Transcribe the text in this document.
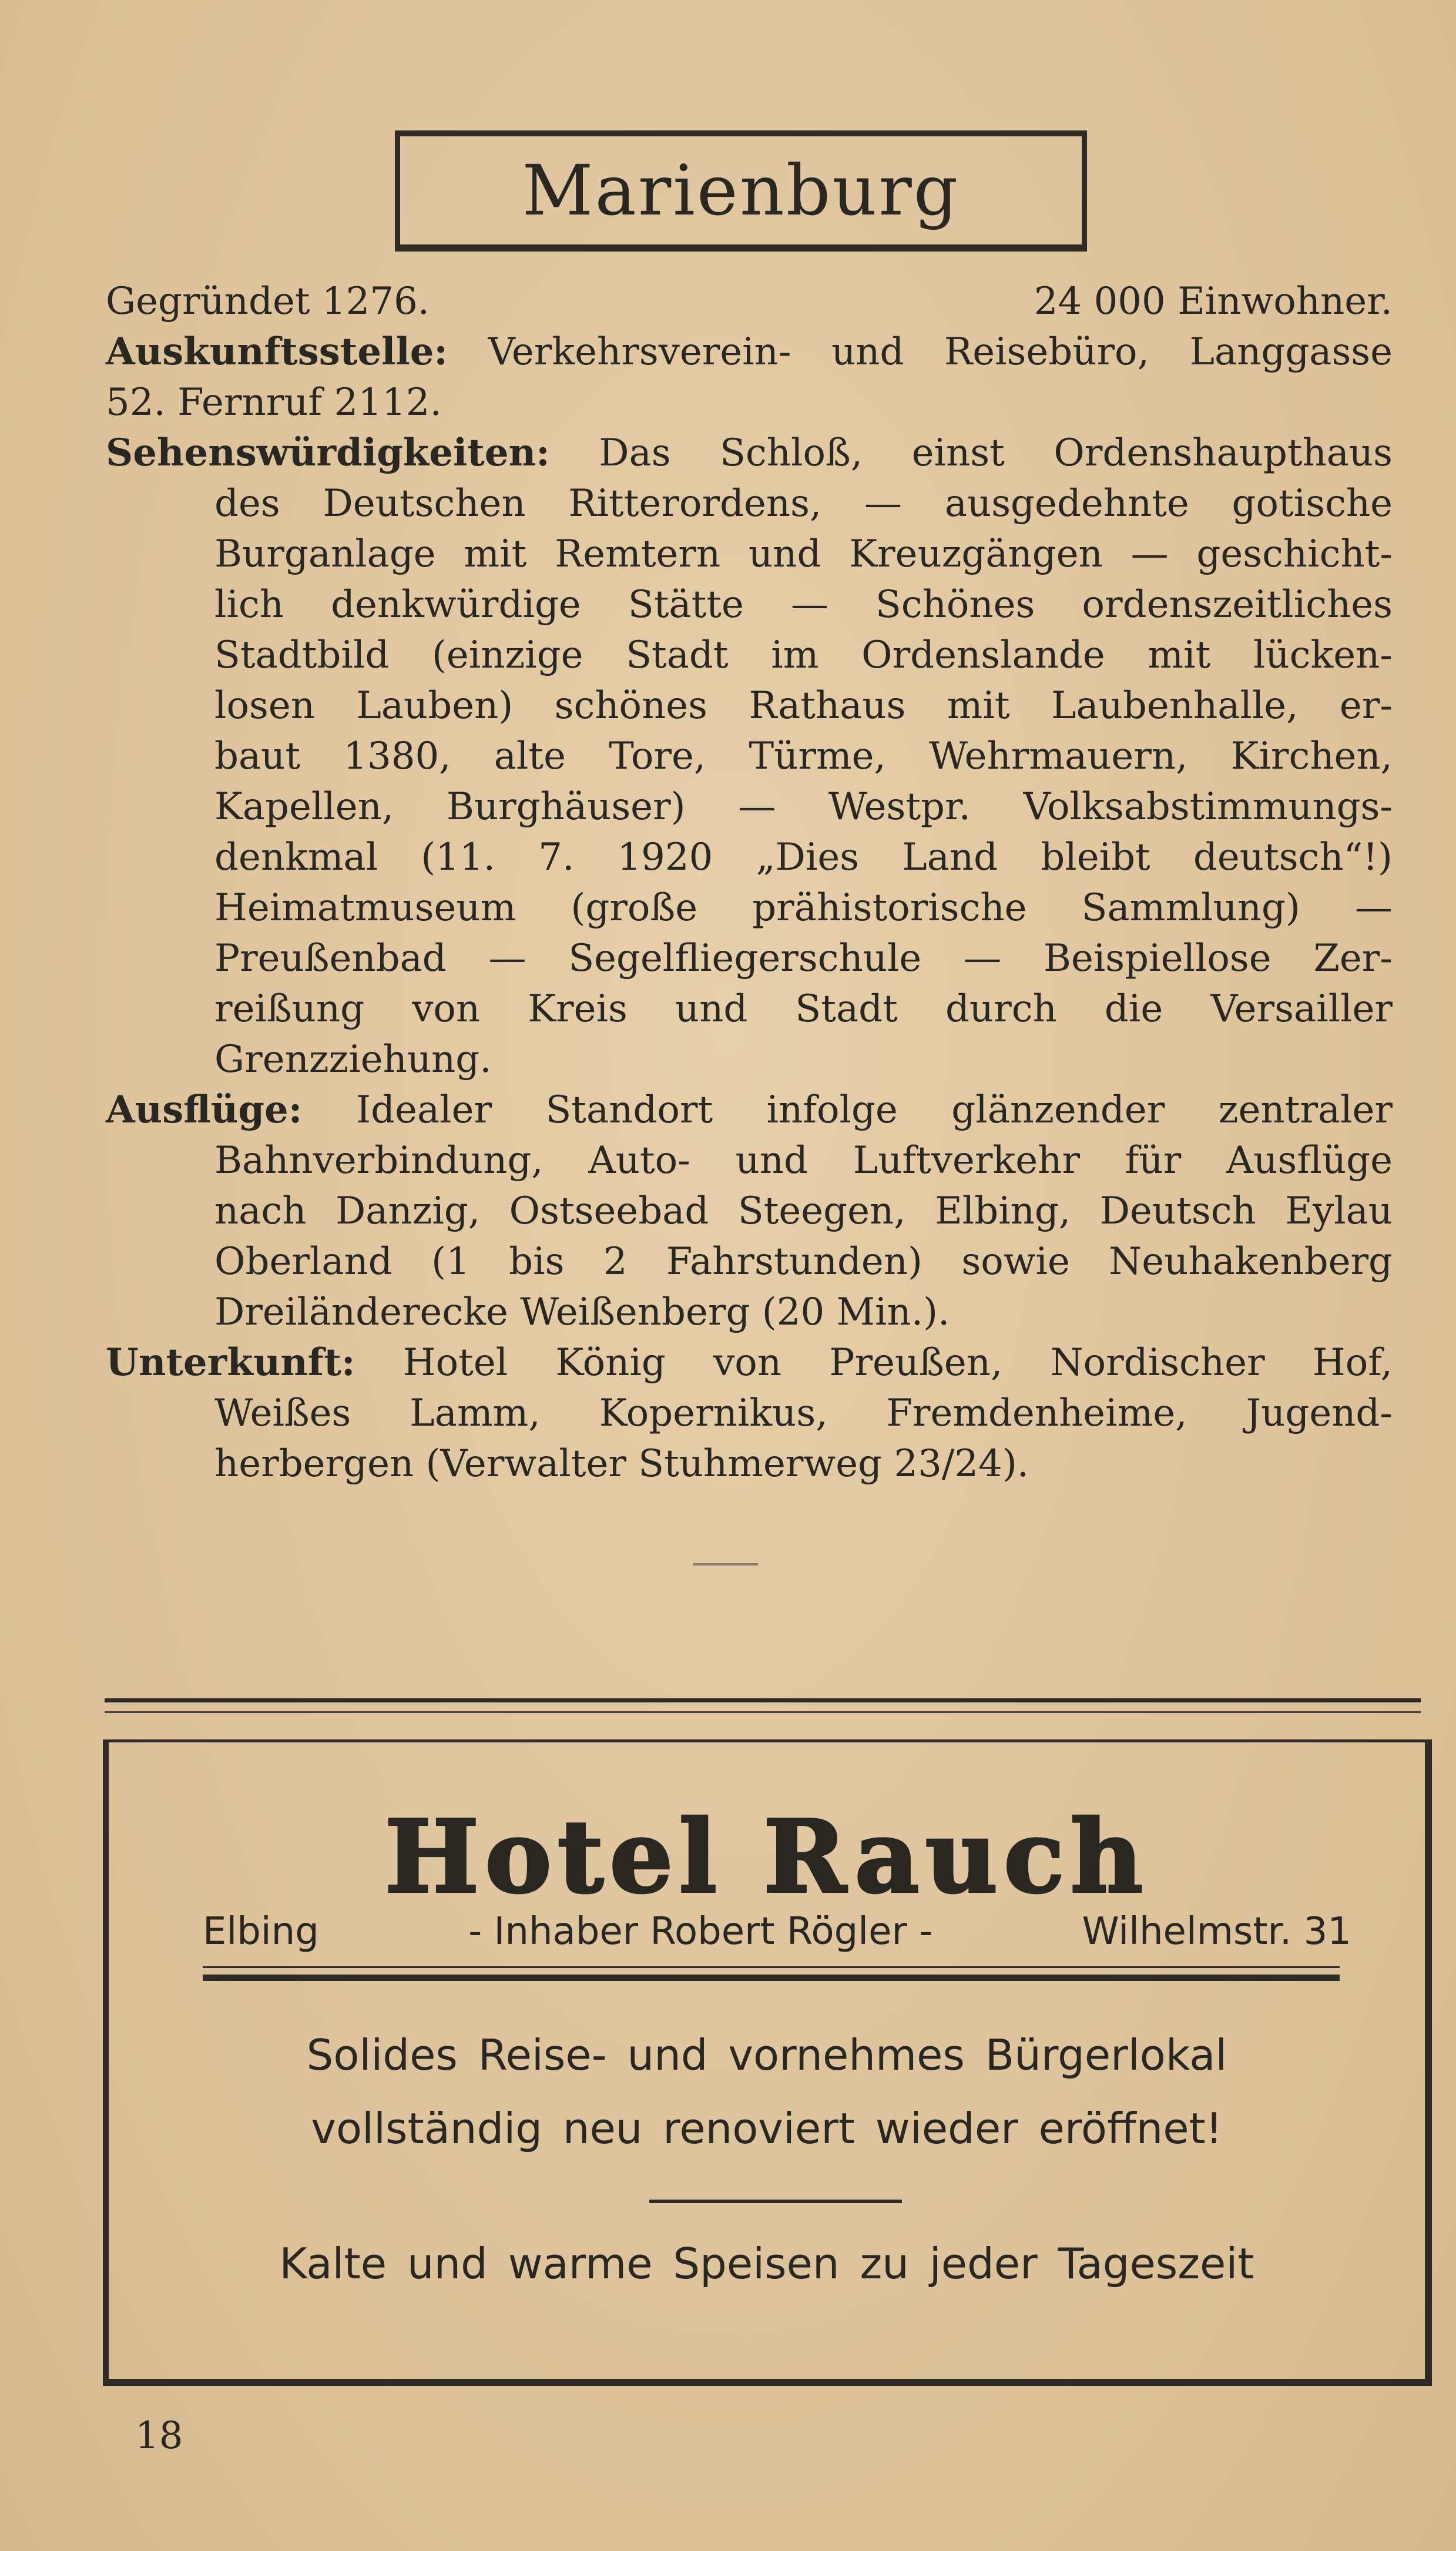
Marienburg
Gegründet 1276.	24 000 Einwohner.
Auskunftsstelle: Verkehrsverein- und Reisebüro, Langgasse
52. Fernruf 2112.
Sehenswürdigkeiten: Das Schloß, einst Ordenshaupthaus
des Deutschen Ritterordens, — ausgedehnte gotische
Burganlage mit Remtern und Kreuzgängen — geschicht-
lich denkwürdige Stätte — Schönes ordenszeitliches
Stadtbild (einzige Stadt im Ordenslande mit lücken-
losen Lauben) schönes Rathaus mit Laubenhalle, er-
baut 1380, alte Tore, Türme, Wehrmauern, Kirchen,
Kapellen, Burghäuser) — Westpr. Volksabstimmungs-
denkmal (11. 7. 1920 „Dies Land bleibt deutsch“!)
Heimatmuseum (große prähistorische Sammlung) —
Preußenbad — Segelfliegerschule — Beispiellose Zer-
reißung von Kreis und Stadt durch die Versailler
Grenzziehung.
Ausflüge: Idealer Standort infolge glänzender zentraler
Bahnverbindung, Auto- und Luftverkehr für Ausflüge
nach Danzig, Ostseebad Steegen, Elbing, Deutsch Eylau
Oberland (1 bis 2 Fahrstunden) sowie Neuhakenberg
Dreiländerecke Weißenberg (20 Min.).
Unterkunft: Hotel König von Preußen, Nordischer Hof,
Weißes Lamm, Kopernikus, Fremdenheime, Jugend-
herbergen (Verwalter Stuhmerweg 23/24).
Hotel Rauch
Elbing	- Inhaber Robert Rögler -	Wilhelmstr. 31
Solides Reise- und vornehmes Bürgerlokal
vollständig neu renoviert wieder eröffnet!
Kalte und warme Speisen zu jeder Tageszeit
18
